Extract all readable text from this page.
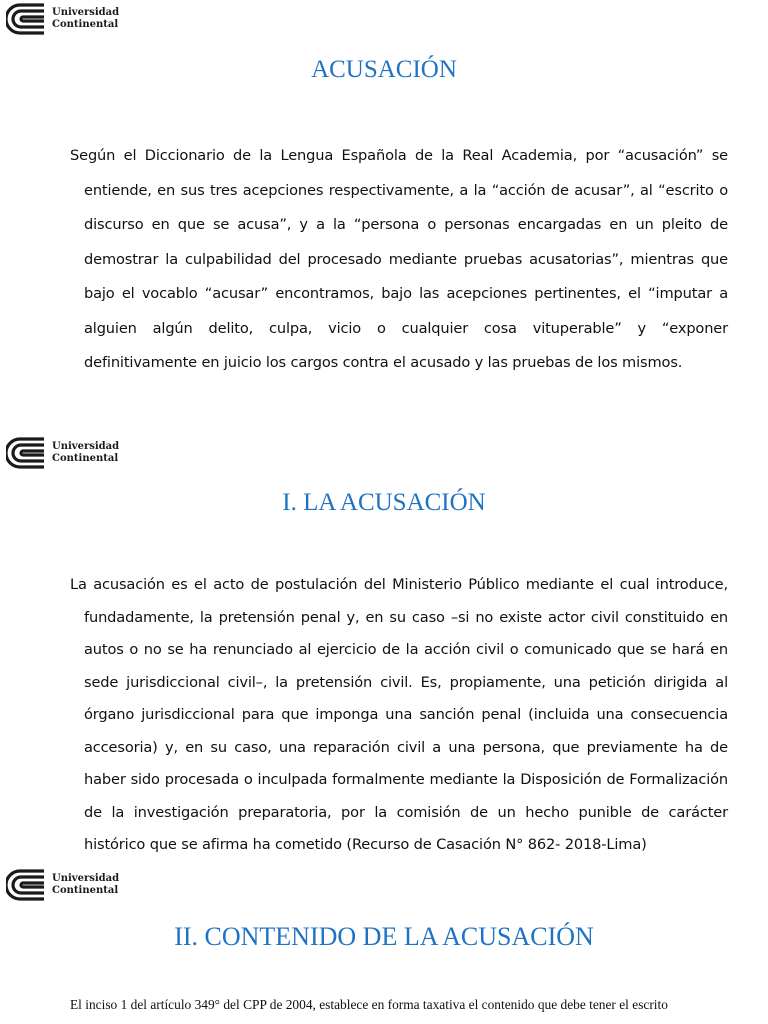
Universidad
Continental
ACUSACIÓN

Según el Diccionario de la Lengua Española de la Real Academia, por “acusación” se entiende, en sus tres acepciones respectivamente, a la “acción de acusar”, al “escrito o discurso en que se acusa”, y a la “persona o personas encargadas en un pleito de demostrar la culpabilidad del procesado mediante pruebas acusatorias”, mientras que bajo el vocablo “acusar” encontramos, bajo las acepciones pertinentes, el “imputar a alguien algún delito, culpa, vicio o cualquier cosa vituperable” y “exponer definitivamente en juicio los cargos contra el acusado y las pruebas de los mismos.

Universidad
Continental
I. LA ACUSACIÓN

La acusación es el acto de postulación del Ministerio Público mediante el cual introduce, fundadamente, la pretensión penal y, en su caso –si no existe actor civil constituido en autos o no se ha renunciado al ejercicio de la acción civil o comunicado que se hará en sede jurisdiccional civil–, la pretensión civil. Es, propiamente, una petición dirigida al órgano jurisdiccional para que imponga una sanción penal (incluida una consecuencia accesoria) y, en su caso, una reparación civil a una persona, que previamente ha de haber sido procesada o inculpada formalmente mediante la Disposición de Formalización de la investigación preparatoria, por la comisión de un hecho punible de carácter histórico que se afirma ha cometido (Recurso de Casación N° 862- 2018-Lima)

Universidad
Continental
II. CONTENIDO DE LA ACUSACIÓN

El inciso 1 del artículo 349° del CPP de 2004, establece en forma taxativa el contenido que debe tener el escrito
